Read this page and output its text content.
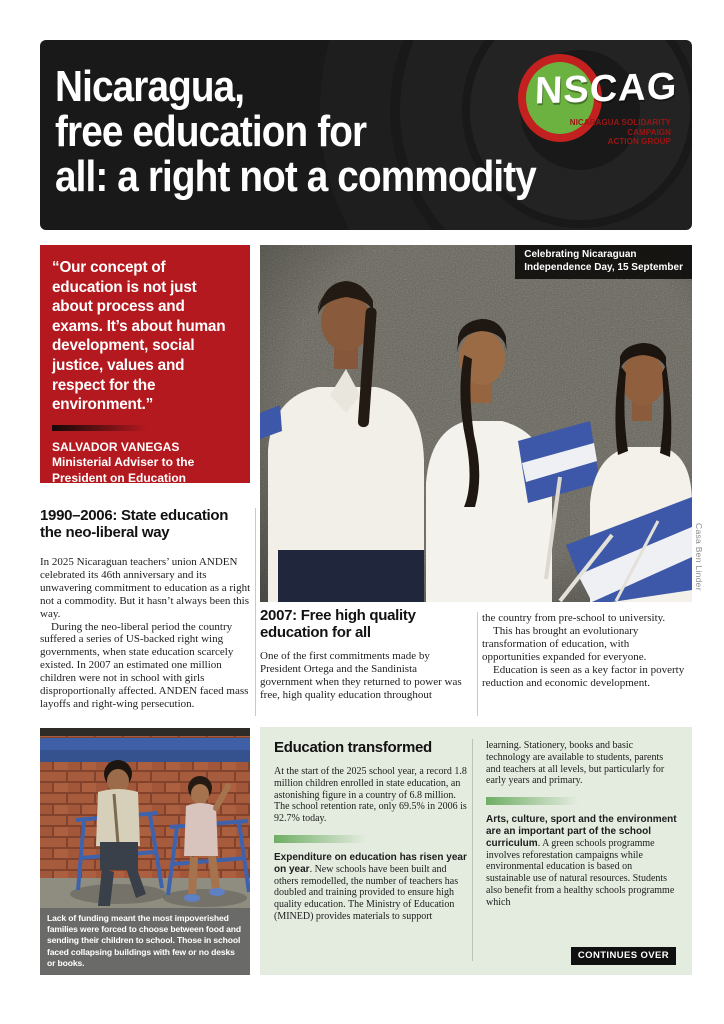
Nicaragua,
free education for
all: a right not a commodity
NSCAG
NICARAGUA SOLIDARITY CAMPAIGN
ACTION GROUP
“Our concept of education is not just about process and exams. It’s about human development, social justice, values and respect for the environment.”
SALVADOR VANEGAS
Ministerial Adviser to the
President on Education
Celebrating Nicaraguan
Independence Day, 15 September
Casa Ben Linder
1990–2006: State education
the neo-liberal way

In 2025 Nicaraguan teachers’ union ANDEN celebrated its 46th anniversary and its unwavering commitment to education as a right not a commodity. But it hasn’t always been this way.

During the neo-liberal period the country suffered a series of US-backed right wing governments, when state education scarcely existed. In 2007 an estimated one million children were not in school with girls disproportionally affected. ANDEN faced mass layoffs and right-wing persecution.

2007: Free high quality
education for all

One of the first commitments made by President Ortega and the Sandinista government when they returned to power was free, high quality education throughout

the country from pre-school to university.

This has brought an evolutionary transformation of education, with opportunities expanded for everyone.

Education is seen as a key factor in poverty reduction and economic development.

Lack of funding meant the most impoverished families were forced to choose between food and sending their children to school. Those in school faced collapsing buildings with few or no desks or books.
Education transformed

At the start of the 2025 school year, a record 1.8 million children enrolled in state education, an astonishing figure in a country of 6.8 million. The school retention rate, only 69.5% in 2006 is 92.7% today.

Expenditure on education has risen year on year. New schools have been built and others remodelled, the number of teachers has doubled and training provided to ensure high quality education. The Ministry of Education (MINED) provides materials to support

learning. Stationery, books and basic technology are available to students, parents and teachers at all levels, but particularly for early years and primary.

Arts, culture, sport and the environment are an important part of the school curriculum. A green schools programme involves reforestation campaigns while environmental education is based on sustainable use of natural resources. Students also benefit from a healthy schools programme which

CONTINUES OVER
